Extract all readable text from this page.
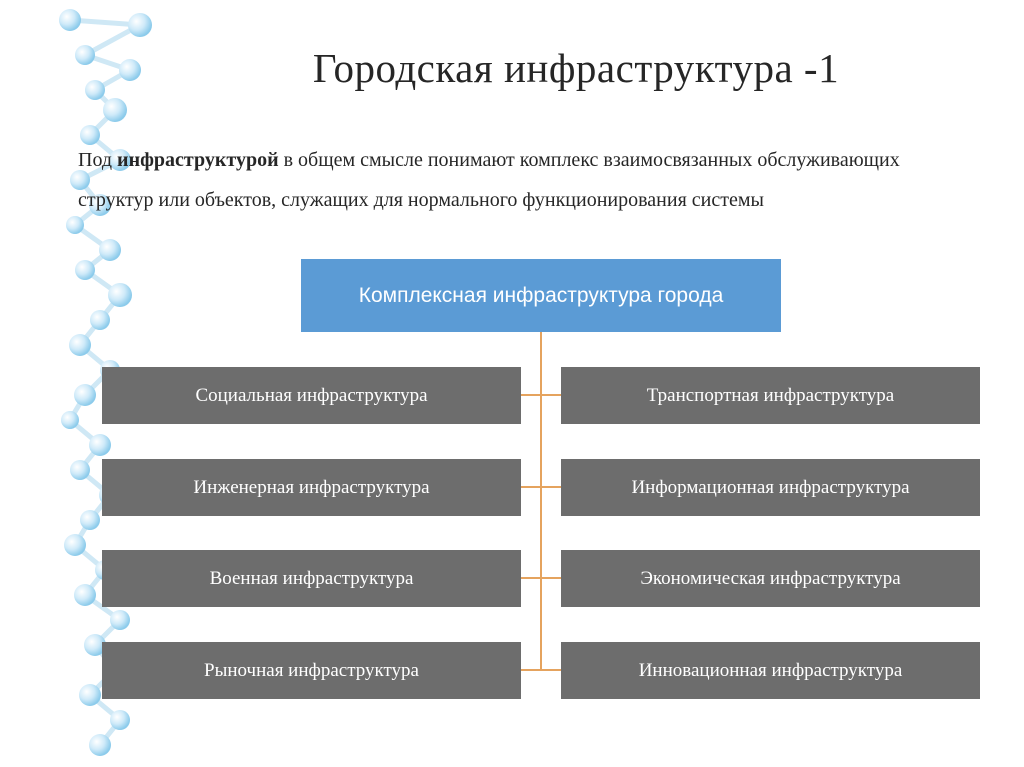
Городская инфраструктура -1
Под инфраструктурой в общем смысле понимают комплекс взаимосвязанных обслуживающих структур или объектов, служащих для нормального функционирования системы
Комплексная инфраструктура города
Социальная инфраструктура
Инженерная инфраструктура
Военная инфраструктура
Рыночная инфраструктура
Транспортная инфраструктура
Информационная инфраструктура
Экономическая инфраструктура
Инновационная инфраструктура
